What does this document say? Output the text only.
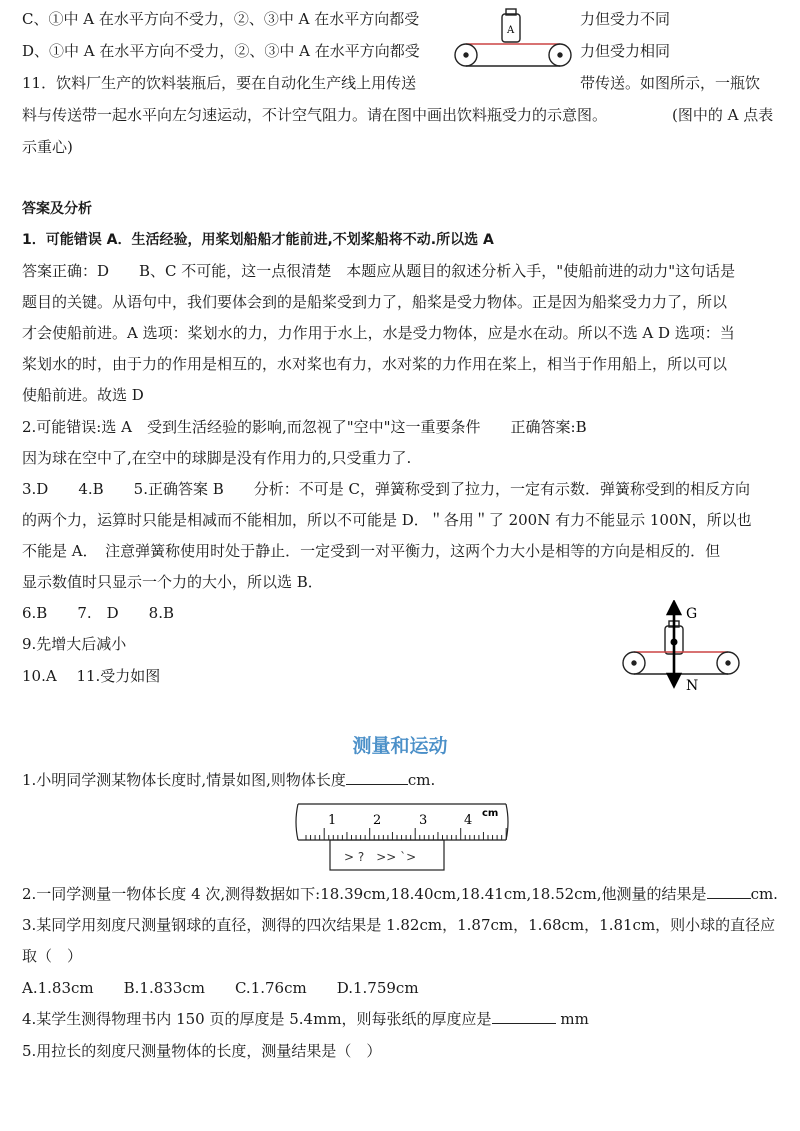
C、①中 A 在水平方向不受力，②、③中 A 在水平方向都受	力但受力不同
D、①中 A 在水平方向不受力，②、③中 A 在水平方向都受	力但受力相同
11．饮料厂生产的饮料装瓶后，要在自动化生产线上用传送	带传送。如图所示，一瓶饮
料与传送带一起水平向左匀速运动，不计空气阻力。请在图中画出饮料瓶受力的示意图。	(图中的 A 点表
示重心)
A
答案及分析
1．可能错误 A．生活经验，用桨划船船才能前进,不划桨船将不动.所以选 A
答案正确：D　　B、C 不可能，这一点很清楚　本题应从题目的叙述分析入手，"使船前进的动力"这句话是
题目的关键。从语句中，我们要体会到的是船桨受到力了，船桨是受力物体。正是因为船桨受力力了，所以
才会使船前进。A 选项：桨划水的力，力作用于水上，水是受力物体，应是水在动。所以不选 A D 选项：当
桨划水的时，由于力的作用是相互的，水对桨也有力，水对桨的力作用在桨上，相当于作用船上，所以可以
使船前进。故选 D
2.可能错误:选 A　受到生活经验的影响,而忽视了"空中"这一重要条件　　正确答案:B
因为球在空中了,在空中的球脚是没有作用力的,只受重力了.
3.D　　4.B　　5.正确答案 B　　分析：不可是 C，弹簧称受到了拉力，一定有示数．弹簧称受到的相反方向
的两个力，运算时只能是相减而不能相加，所以不可能是 D．＂各用＂了 200N 有力不能显示 100N，所以也
不能是 A．　注意弹簧称使用时处于静止．一定受到一对平衡力，这两个力大小是相等的方向是相反的．但
显示数值时只显示一个力的大小，所以选 B．
6.B　　7.　D　　8.B
9.先增大后减小
10.A　 11.受力如图
G
N
测量和运动
1.小明同学测某物体长度时,情景如图,则物体长度	cm.
1	2	3	4 cm
> ?　>> `>
2.一同学测量一物体长度 4 次,测得数据如下:18.39cm,18.40cm,18.41cm,18.52cm,他测量的结果是	cm.
3.某同学用刻度尺测量钢球的直径，测得的四次结果是 1.82cm，1.87cm，1.68cm，1.81cm，则小球的直径应
取（　）
A.1.83cm　　B.1.833cm　　C.1.76cm　　D.1.759cm
4.某学生测得物理书内 150 页的厚度是 5.4mm，则每张纸的厚度应是	mm
5.用拉长的刻度尺测量物体的长度，测量结果是（　）
